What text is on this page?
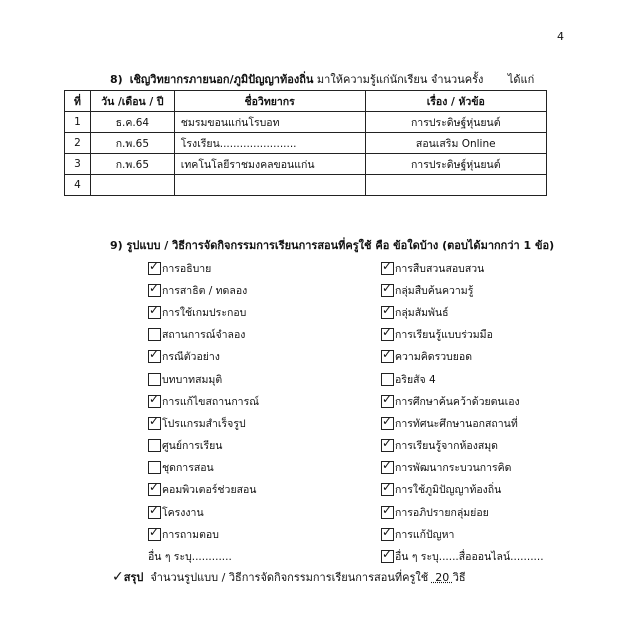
4
8) เชิญวิทยากรภายนอก/ภูมิปัญญาท้องถิ่น มาให้ความรู้แก่นักเรียน จำนวนครั้ง ได้แก่
ที่	วัน /เดือน / ปี	ชื่อวิทยากร	เรื่อง / หัวข้อ
1	ธ.ค.64	ชมรมขอนแก่นโรบอท	การประดิษฐ์หุ่นยนต์
2	ก.พ.65	โรงเรียน.......................	สอนเสริม Online
3	ก.พ.65	เทคโนโลยีราชมงคลขอนแก่น	การประดิษฐ์หุ่นยนต์
4			
9) รูปแบบ / วิธีการจัดกิจกรรมการเรียนการสอนที่ครูใช้ คือ ข้อใดบ้าง (ตอบได้มากกว่า 1 ข้อ)
✓
การอธิบาย
✓
การสาธิต / ทดลอง
✓
การใช้เกมประกอบ
สถานการณ์จำลอง
✓
กรณีตัวอย่าง
บทบาทสมมุติ
✓
การแก้ไขสถานการณ์
✓
โปรแกรมสำเร็จรูป
ศูนย์การเรียน
ชุดการสอน
✓
คอมพิวเตอร์ช่วยสอน
✓
โครงงาน
✓
การถามตอบ
อื่น ๆ ระบุ............
✓
การสืบสวนสอบสวน
✓
กลุ่มสืบค้นความรู้
✓
กลุ่มสัมพันธ์
✓
การเรียนรู้แบบร่วมมือ
✓
ความคิดรวบยอด
อริยสัจ 4
✓
การศึกษาค้นคว้าด้วยตนเอง
✓
การทัศนะศึกษานอกสถานที่
✓
การเรียนรู้จากห้องสมุด
✓
การพัฒนากระบวนการคิด
✓
การใช้ภูมิปัญญาท้องถิ่น
✓
การอภิปรายกลุ่มย่อย
✓
การแก้ปัญหา
✓
อื่น ๆ ระบุ......สื่อออนไลน์..........
✓สรุป จำนวนรูปแบบ / วิธีการจัดกิจกรรมการเรียนการสอนที่ครูใช้ 20 วิธี
